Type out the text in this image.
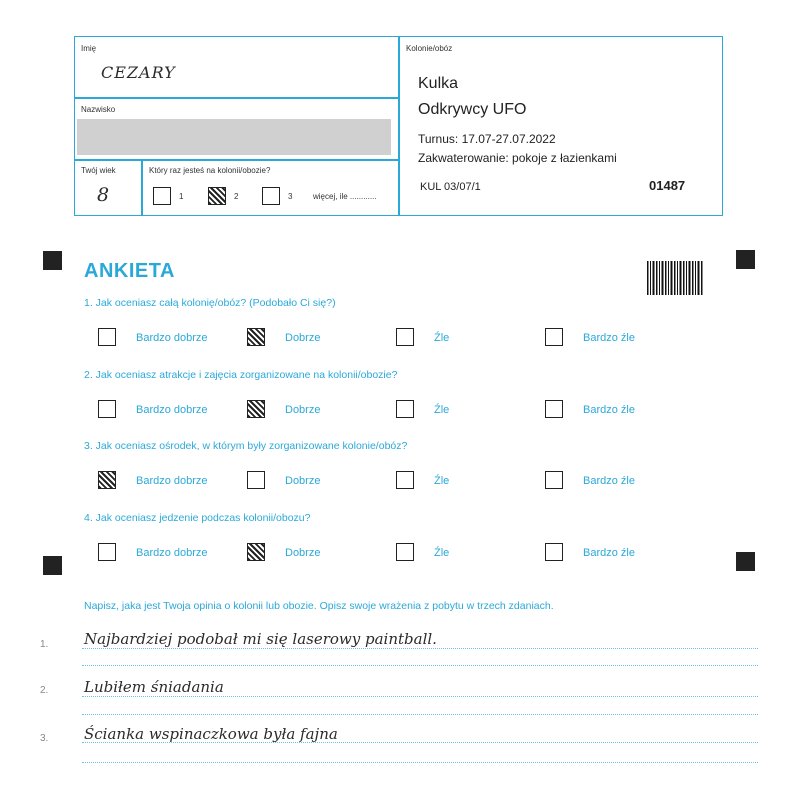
Imię
CEZARY
Nazwisko
Twój wiek
8
Który raz jesteś na kolonii/obozie?
1	2	3	więcej, ile ............
Kolonie/obóz
Kulka
Odkrywcy UFO
Turnus: 17.07-27.07.2022
Zakwaterowanie: pokoje z łazienkami
KUL 03/07/1	01487
ANKIETA
1. Jak oceniasz całą kolonię/obóz? (Podobało Ci się?)
Bardzo dobrze	Dobrze	Źle	Bardzo źle
2. Jak oceniasz atrakcje i zajęcia zorganizowane na kolonii/obozie?
Bardzo dobrze	Dobrze	Źle	Bardzo źle
3. Jak oceniasz ośrodek, w którym były zorganizowane kolonie/obóz?
Bardzo dobrze	Dobrze	Źle	Bardzo źle
4. Jak oceniasz jedzenie podczas kolonii/obozu?
Bardzo dobrze	Dobrze	Źle	Bardzo źle
Napisz, jaka jest Twoja opinia o kolonii lub obozie. Opisz swoje wrażenia z pobytu w trzech zdaniach.
1. Najbardziej podobał mi się laserowy paintball.
2. Lubiłem śniadania
3. Ścianka wspinaczkowa była fajna
